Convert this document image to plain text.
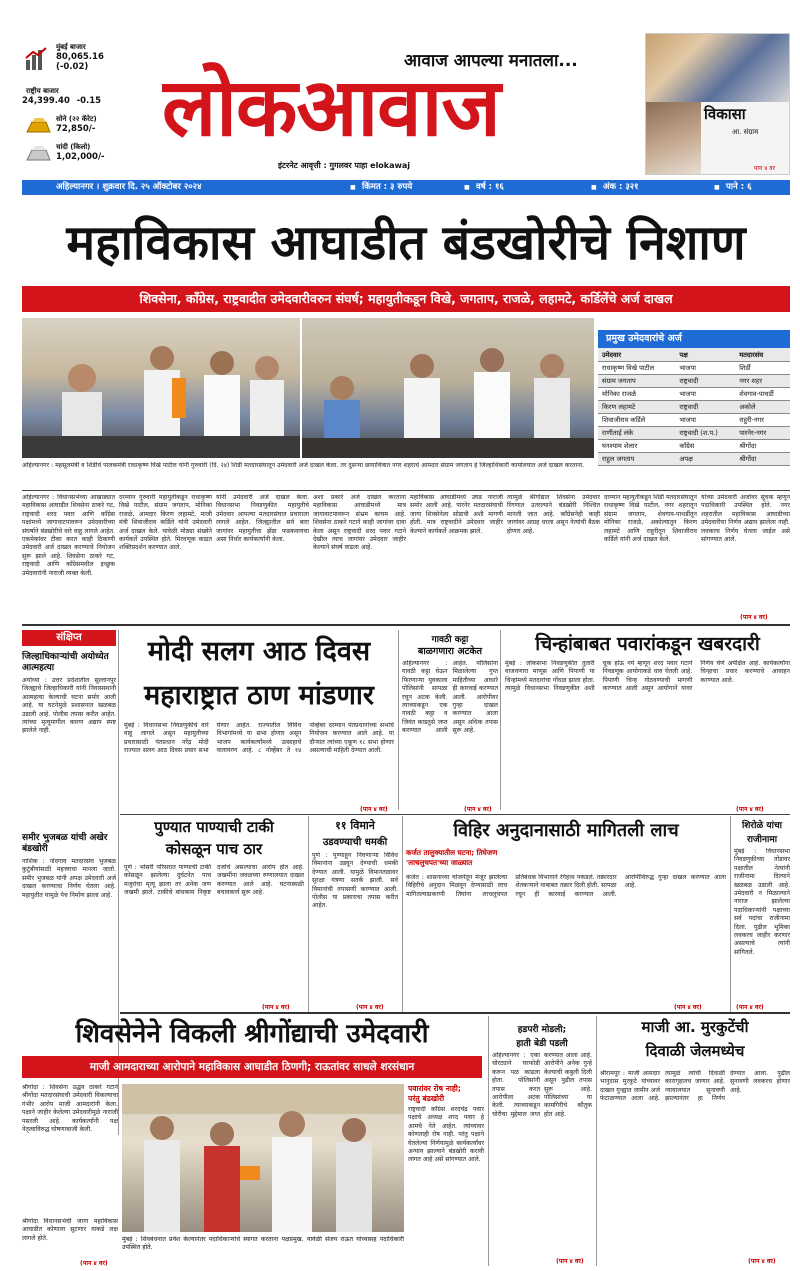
मुंबई बाजार
80,065.16
(-0.02)
राष्ट्रीय बाजार
24,399.40 -0.15
सोने (२२ कॅरेट)
72,850/-
चांदी (किलो)
1,02,000/-
आवाज आपल्या मनातला...
लोकआवाज
इंटरनेट आवृत्ती : गुगलवर पाहा elokawaj
विकासा
आ. संग्राम
पान ४ वर

अहिल्यानगर । शुक्रवार दि. २५ ऑक्टोबर २०२४	■ किंमत : ३ रुपये	■ वर्ष : १६	■ अंक : ३२१	■ पाने : ६
महाविकास आघाडीत बंडखोरीचे निशाण
शिवसेना, काँग्रेस, राष्ट्रवादीत उमेदवारीवरुन संघर्ष; महायुतीकडून विखे, जगताप, राजळे, लहामटे, कर्डिलेंचे अर्ज दाखल
प्रमुख उमेदवारांचे अर्ज
उमेदवार	पक्ष	मतदारसंघ
राधाकृष्ण विखे पाटील	भाजपा	शिर्डी
संग्राम जगताप	राष्ट्रवादी	नगर शहर
मोनिका राजळे	भाजपा	शेवगाव-पाथर्डी
किरण लहामटे	राष्ट्रवादी	अकोले
शिवाजीराव कर्डिले	भाजपा	राहुरी-नगर
राणीताई लंके	राष्ट्रवादी (श.प.)	पारनेर-नगर
घनश्याम शेलार	काँग्रेस	श्रीगोंदा
राहुल जगताप	अपक्ष	श्रीगोंदा
अहिल्यानगर : महसूलमंत्री व शिर्डीचे पालकमंत्री राधाकृष्ण विखे पाटील यांनी गुरुवारी (दि. २४) शिर्डी मतदारसंघातून उमेदवारी अर्ज दाखल केला. तर दुसऱ्या छायाचित्रात नगर शहराचे आमदार संग्राम जगताप हे जिल्हाधिकारी कार्यालयात अर्ज दाखल करताना.
अहिल्यानगर : विधानसभेच्या आखाड्यात महाविकास आघाडीत शिवसेना ठाकरे गट, राष्ट्रवादी शरद पवार आणि काँग्रेस पक्षांमध्ये जागावाटपावरून उमेदवारीच्या संघर्षाने बंडखोरीचे वारे वाहू लागले आहेत. एकमेकांवर टीका करत काही ठिकाणी उमेदवारी अर्ज दाखल करण्याचे नियोजन सुरू झाले आहे. शिवसेना ठाकरे गट, राष्ट्रवादी आणि काँग्रेसमधील इच्छुक उमेदवारांनी नाराजी व्यक्त केली.
दरम्यान गुरुवारी महायुतीकडून राधाकृष्ण विखे पाटील, संग्राम जगताप, मोनिका राजळे, आमदार किरण लहामटे, माजी मंत्री शिवाजीराव कर्डिले यांनी उमेदवारी अर्ज दाखल केले. यावेळी मोठ्या संख्येने कार्यकर्ते उपस्थित होते. मिरवणूक काढत शक्तिप्रदर्शन करण्यात आले.
यांनी उमेदवारी अर्ज दाखल केला. विधानसभा निवडणुकीत महायुतीचे उमेदवार आपल्या मतदारसंघात प्रचाराला लागले आहेत. जिल्ह्यातील सर्व बारा जागांवर महायुतीचा झेंडा फडकवायचा असा निर्धार कार्यकर्त्यांनी केला.
अशा प्रकारे अर्ज दाखल करताना महाविकास आघाडीमध्ये मात्र जागावाटपावरून संभ्रम कायम आहे. शिवसेना ठाकरे गटाने काही जागांवर दावा केला असून राष्ट्रवादी शरद पवार गटाने देखील त्याच जागांवर उमेदवार जाहीर केल्याने संघर्ष वाढला आहे.
महाविकास आघाडीमध्ये उघड नाराजी समोर आली आहे. पारनेर मतदारसंघाची जागा शिवसेनेला सोडावी अशी मागणी होती. मात्र राष्ट्रवादीने उमेदवार जाहीर केल्याने कार्यकर्ते आक्रमक झाले.
त्यामुळे श्रीगोंद्यात शिवसेना उमेदवार रिंगणात उतरल्याने बंडखोरी निश्चित मानली जात आहे. काँग्रेसनेही काही जागांवर आग्रह धरला असून नेत्यांची बैठक होणार आहे.
दरम्यान महायुतीकडून शिर्डी मतदारसंघातून राधाकृष्ण विखे पाटील, नगर शहरातून संग्राम जगताप, शेवगाव-पाथर्डीतून मोनिका राजळे, अकोल्यातून किरण लहामटे आणि राहुरीतून शिवाजीराव कर्डिले यांनी अर्ज दाखल केले.
यांच्या उमेदवारी अर्जावर सूचक म्हणून पदाधिकारी उपस्थित होते. नगर शहरातील महाविकास आघाडीच्या उमेदवारीचा निर्णय अद्याप झालेला नाही. लवकरच निर्णय घेतला जाईल असे सांगण्यात आले.
(पान ४ वर)
संक्षिप्त
जिल्हाधिकाऱ्यांची अयोध्येत आत्महत्या
अयोध्या : उत्तर प्रदेशातील सुल्तानपूर जिल्ह्याचे जिल्हाधिकारी यांनी निवासस्थानी आत्महत्या केल्याची घटना समोर आली आहे. या घटनेमुळे प्रशासनात खळबळ उडाली आहे. पोलीस तपास करीत आहेत. त्यांच्या मृत्यूमागील कारण अद्याप स्पष्ट झालेले नाही.
समीर भुजबळ यांची अखेर बंडखोरी
नाशिक : नांदगाव मतदारसंघ भुजबळ कुटुंबीयांसाठी महत्त्वाचा मानला जातो. समीर भुजबळ यांनी अपक्ष उमेदवारी अर्ज दाखल करण्याचा निर्णय घेतला आहे. महायुतीत यामुळे पेच निर्माण झाला आहे.
मोदी सलग आठ दिवस
महाराष्ट्रात ठाण मांडणार
मुंबई : विधानसभा निवडणुकीचे वारे वाहू लागले असून महायुतीच्या प्रचारासाठी पंतप्रधान नरेंद्र मोदी राज्यात सलग आठ दिवस प्रचार सभा घेणार आहेत. राज्यातील विविध विभागांमध्ये या सभा होणार असून भाजप कार्यकर्त्यांमध्ये उत्साहाचे वातावरण आहे. ८ नोव्हेंबर ते १४ नोव्हेंबर दरम्यान पंतप्रधानांच्या सभांचे नियोजन करण्यात आले आहे. या दौऱ्यात त्यांच्या एकूण १८ सभा होणार असल्याची माहिती देण्यात आली.
(पान ४ वर)
गावठी कट्टा
बाळगणारा अटकेत
अहिल्यानगर : गावठी कट्टा घेऊन फिरणाऱ्या युवकाला पोलिसांनी सापळा रचून अटक केली. त्याच्याकडून एक गावठी कट्टा व जिवंत काडतुसे जप्त करण्यात आली आहेत. पोलिसांना मिळालेल्या गुप्त माहितीच्या आधारे ही कारवाई करण्यात आली. आरोपीवर गुन्हा दाखल करण्यात आला असून अधिक तपास सुरू आहे.
(पान ४ वर)
चिन्हांबाबत पवारांकडून खबरदारी
मुंबई : लोकसभा निवडणुकीत तुतारी वाजवणारा माणूस आणि पिपाणी या चिन्हांमध्ये मतदारांचा गोंधळ झाला होता. त्यामुळे विधानसभा निवडणुकीत अशी चूक होऊ नये म्हणून शरद पवार गटाने निवडणूक आयोगाकडे धाव घेतली आहे. पिपाणी चिन्ह गोठवण्याची मागणी करण्यात आली असून आयोगाने यावर निर्णय घेणे अपेक्षित आहे. कार्यकर्त्यांना चिन्हाचा प्रचार करण्याचे आवाहन करण्यात आले.
(पान ४ वर)
पुण्यात पाण्याची टाकी
कोसळून पाच ठार
पुणे : भोसरी परिसरात पाण्याची टाकी कोसळून झालेल्या दुर्घटनेत पाच मजुरांचा मृत्यू झाला तर अनेक जण जखमी झाले. टाकीचे बांधकाम निकृष्ट दर्जाचे असल्याचा आरोप होत आहे. जखमींना जवळच्या रुग्णालयात दाखल करण्यात आले आहे. घटनास्थळी बचावकार्य सुरू आहे.
(पान ४ वर)
११ विमाने
उडवण्याची धमकी
पुणे : पुण्याहून निघणाऱ्या विविध विमानांना उडवून देण्याची धमकी देण्यात आली. यामुळे विमानतळावर सुरक्षा यंत्रणा सतर्क झाली. सर्व विमानांची तपासणी करण्यात आली. पोलीस या प्रकाराचा तपास करीत आहेत.
(पान ४ वर)
विहिर अनुदानासाठी मागितली लाच
कर्जत तालुक्यातील घटना; तिघेजण
'लाचलुचपत'च्या जाळ्यात
कर्जत : शासनाच्या योजनेतून मंजूर झालेल्या विहिरीचे अनुदान मिळवून देण्यासाठी लाच मागितल्याप्रकरणी तिघांना लाचलुचपत प्रतिबंधक विभागाने रंगेहाथ पकडले. तक्रारदार शेतकऱ्याने याबाबत तक्रार दिली होती. सापळा रचून ही कारवाई करण्यात आली. आरोपींविरुद्ध गुन्हा दाखल करण्यात आला आहे.
(पान ४ वर)
शिरोळे यांचा
राजीनामा
मुंबई : विधानसभा निवडणुकीच्या तोंडावर पक्षातील नेत्यांनी राजीनामा दिल्याने खळबळ उडाली आहे. उमेदवारी न मिळाल्याने नाराज झालेल्या पदाधिकाऱ्यांनी पक्षाच्या सर्व पदांचा राजीनामा दिला. पुढील भूमिका लवकरच जाहीर करणार असल्याचे त्यांनी सांगितले.
(पान ४ वर)
शिवसेनेने विकली श्रीगोंद्याची उमेदवारी
माजी आमदाराच्या आरोपाने महाविकास आघाडीत ठिणगी; राऊतांवर साधले शरसंधान
श्रीगोंदा : शिवसेना उद्धव ठाकरे गटाने श्रीगोंदा मतदारसंघाची उमेदवारी विकल्याचा गंभीर आरोप माजी आमदारांनी केला. पक्षाने जाहीर केलेल्या उमेदवारीमुळे नाराजी पसरली आहे. कार्यकर्त्यांनी पक्ष नेतृत्वाविरुद्ध घोषणाबाजी केली.
श्रीगोंदा विधानसभेची जागा महाविकास आघाडीत कोणाला सुटणार याकडे लक्ष लागले होते.
(पान ४ वर)
पवारांवर रोष नाही;
परंतु बंडखोरी
राष्ट्रवादी काँग्रेस शरदचंद्र पवार पक्षाचे अध्यक्ष शरद पवार हे आमचे नेते आहेत. त्यांच्यावर कोणताही रोष नाही. परंतु पक्षाने घेतलेल्या निर्णयामुळे कार्यकर्त्यांवर अन्याय झाल्याने बंडखोरी करावी लागत आहे असे सांगण्यात आले.
मुंबई : शिवबंधनात प्रवेश केल्यानंतर पदाधिकाऱ्यांचे स्वागत करताना पक्षप्रमुख. यावेळी संजय राऊत यांच्यासह पदाधिकारी उपस्थित होते.
हडपरी मोडली;
हाती बेडी पडली
अहिल्यानगर : एका चोरट्याने घरफोडी करून पळ काढला होता. पोलिसांनी तपास करत आरोपीला अटक केली. त्याच्याकडून चोरीचा मुद्देमाल जप्त करण्यात आला आहे. आरोपीने अनेक गुन्हे केल्याची कबुली दिली असून पुढील तपास सुरू आहे. पोलिसांच्या या कामगिरीचे कौतुक होत आहे.
(पान ४ वर)
माजी आ. मुरकुटेंची
दिवाळी जेलमध्येच
श्रीरामपूर : माजी आमदार भानुदास मुरकुटे यांच्यावर दाखल गुन्ह्यात जामीन अर्ज फेटाळण्यात आला आहे. त्यामुळे त्यांची दिवाळी कारागृहातच जाणार आहे. न्यायालयात सुनावणी झाल्यानंतर हा निर्णय देण्यात आला. पुढील सुनावणी लवकरच होणार आहे.
(पान ४ वर)
